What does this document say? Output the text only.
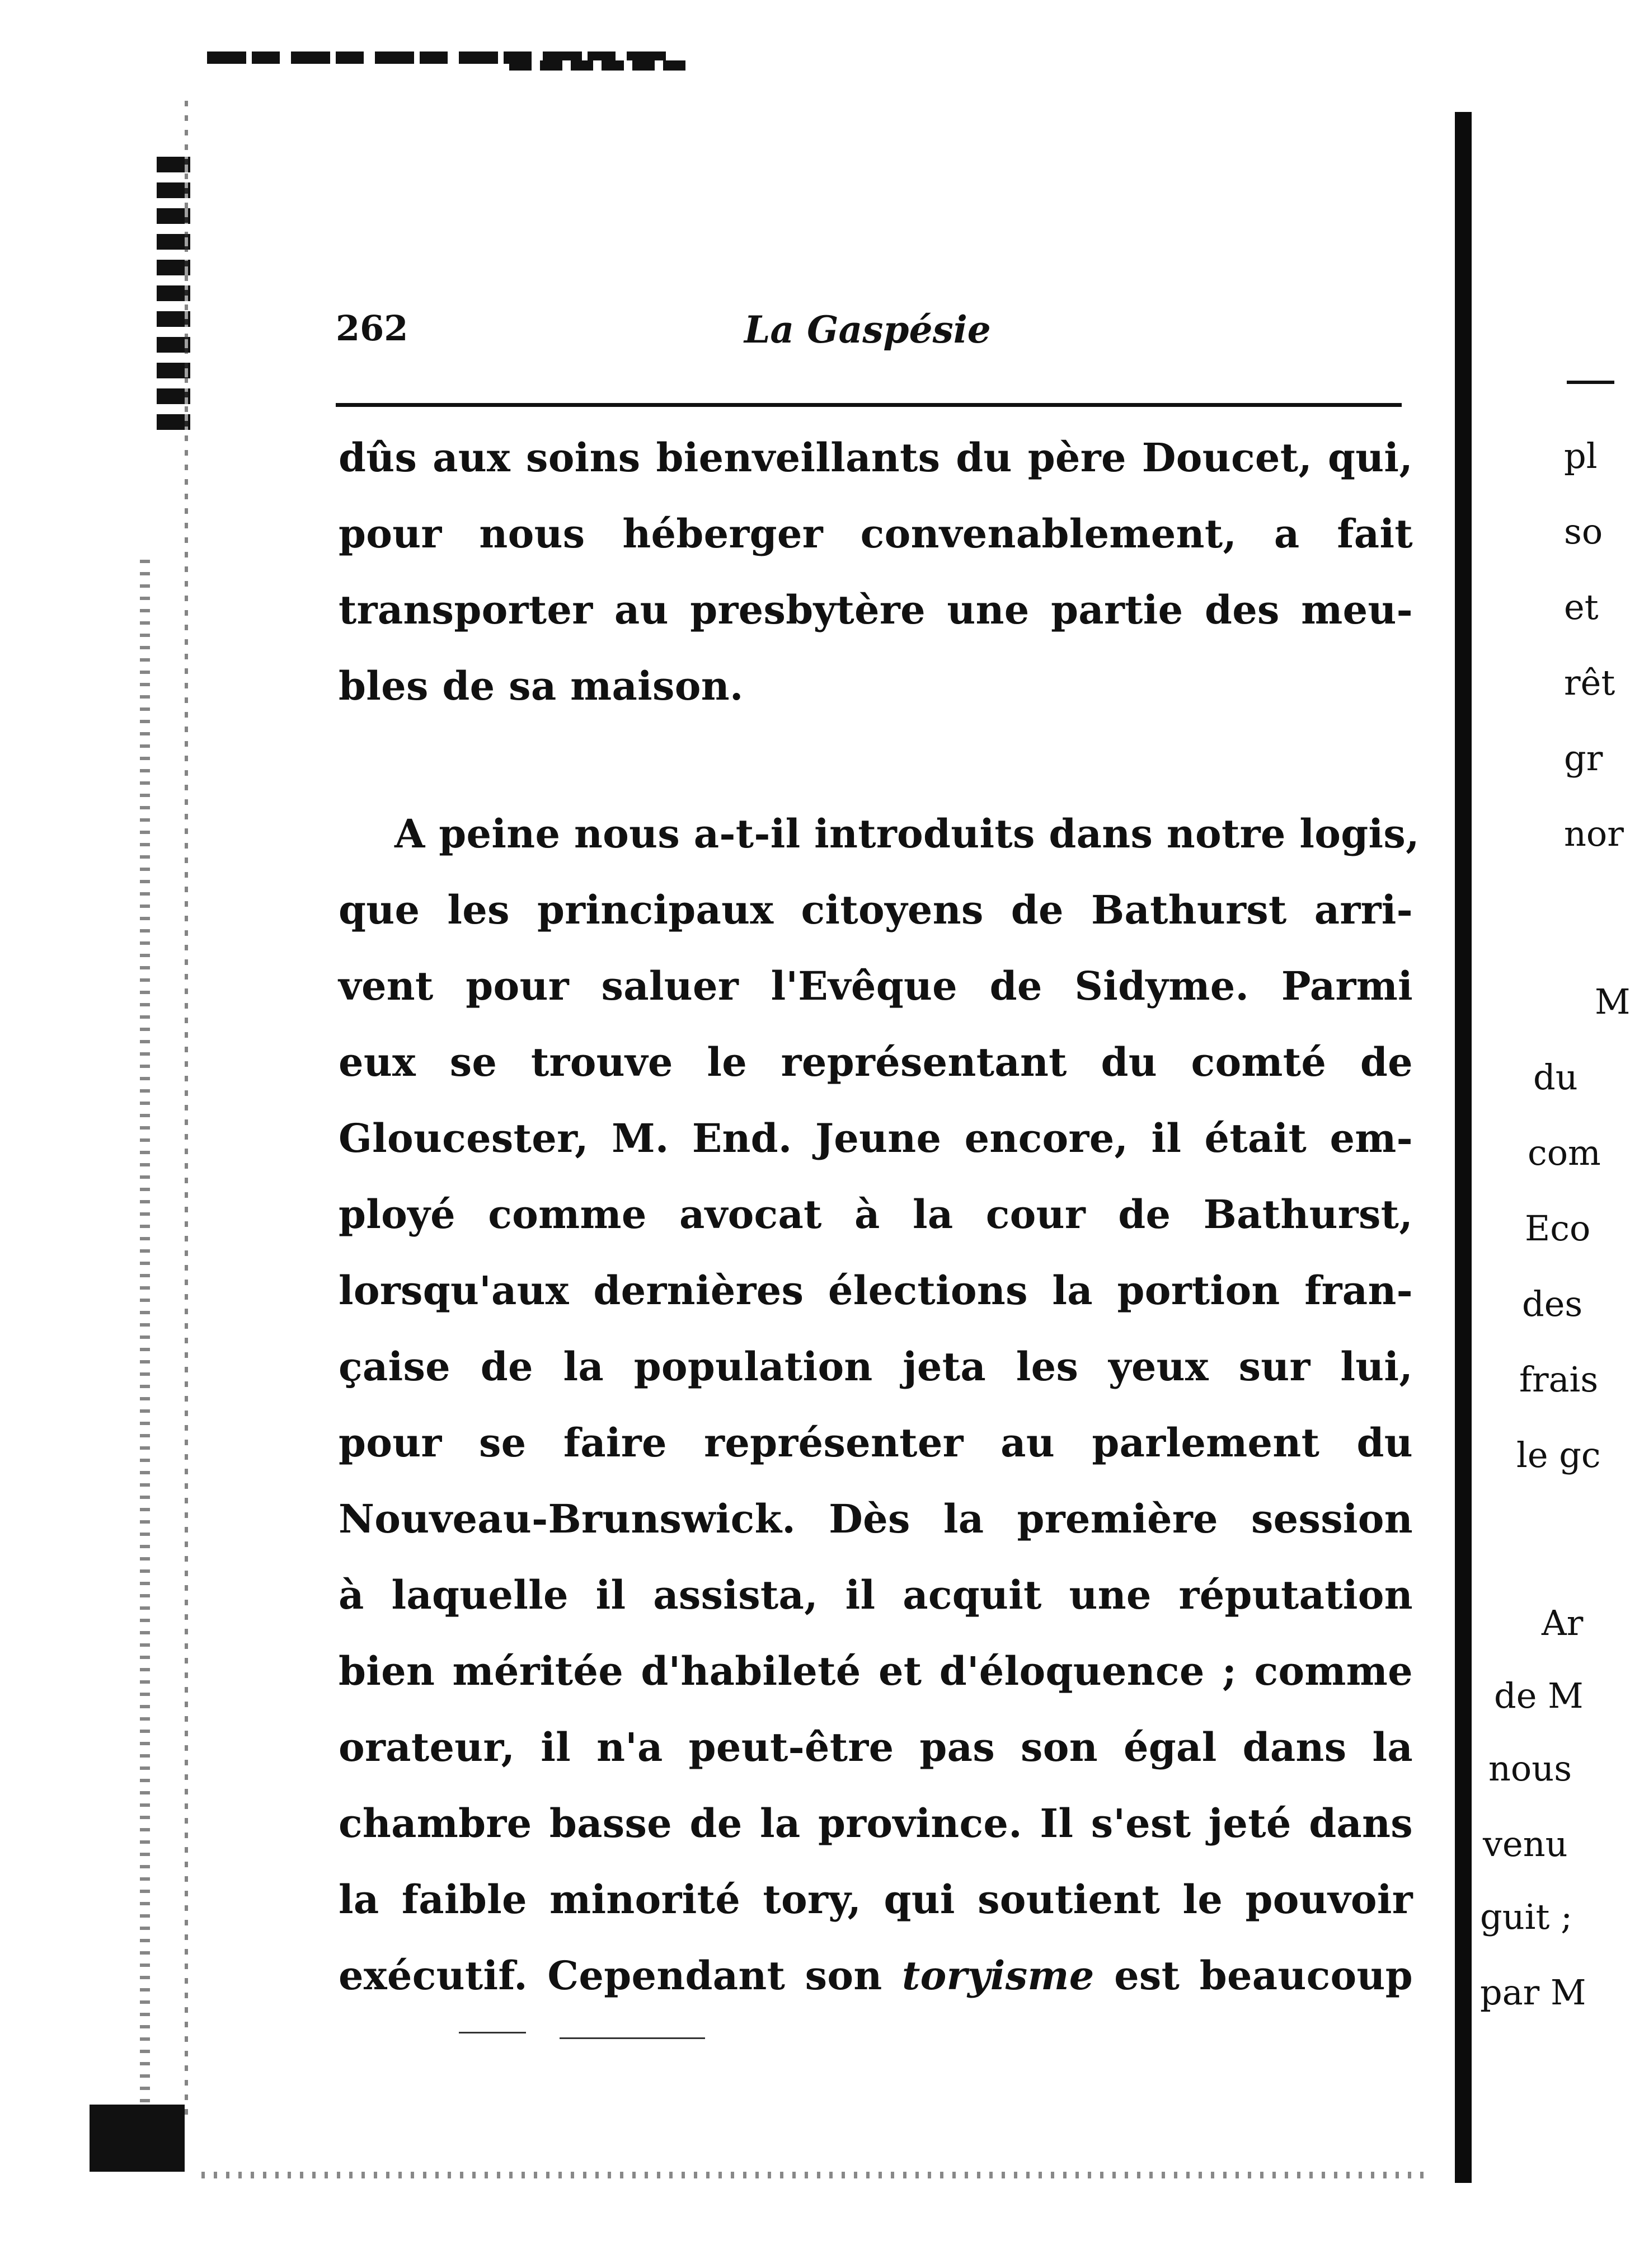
262	La Gaspésie
dûs aux soins bienveillants du père Doucet, qui,
pour nous héberger convenablement, a fait
transporter au presbytère une partie des meu-
bles de sa maison.
A peine nous a-t-il introduits dans notre logis,
que les principaux citoyens de Bathurst arri-
vent pour saluer l'Evêque de Sidyme. Parmi
eux se trouve le représentant du comté de
Gloucester, M. End. Jeune encore, il était em-
ployé comme avocat à la cour de Bathurst,
lorsqu'aux dernières élections la portion fran-
çaise de la population jeta les yeux sur lui,
pour se faire représenter au parlement du
Nouveau-Brunswick. Dès la première session
à laquelle il assista, il acquit une réputation
bien méritée d'habileté et d'éloquence ; comme
orateur, il n'a peut-être pas son égal dans la
chambre basse de la province. Il s'est jeté dans
la faible minorité tory, qui soutient le pouvoir
exécutif. Cependant son toryisme est beaucoup
pl
so
et
rêt
gr
nor
M
du
com
Eco
des
frais
le gc
Ar
de M
nous
venu
guit ;
par M
